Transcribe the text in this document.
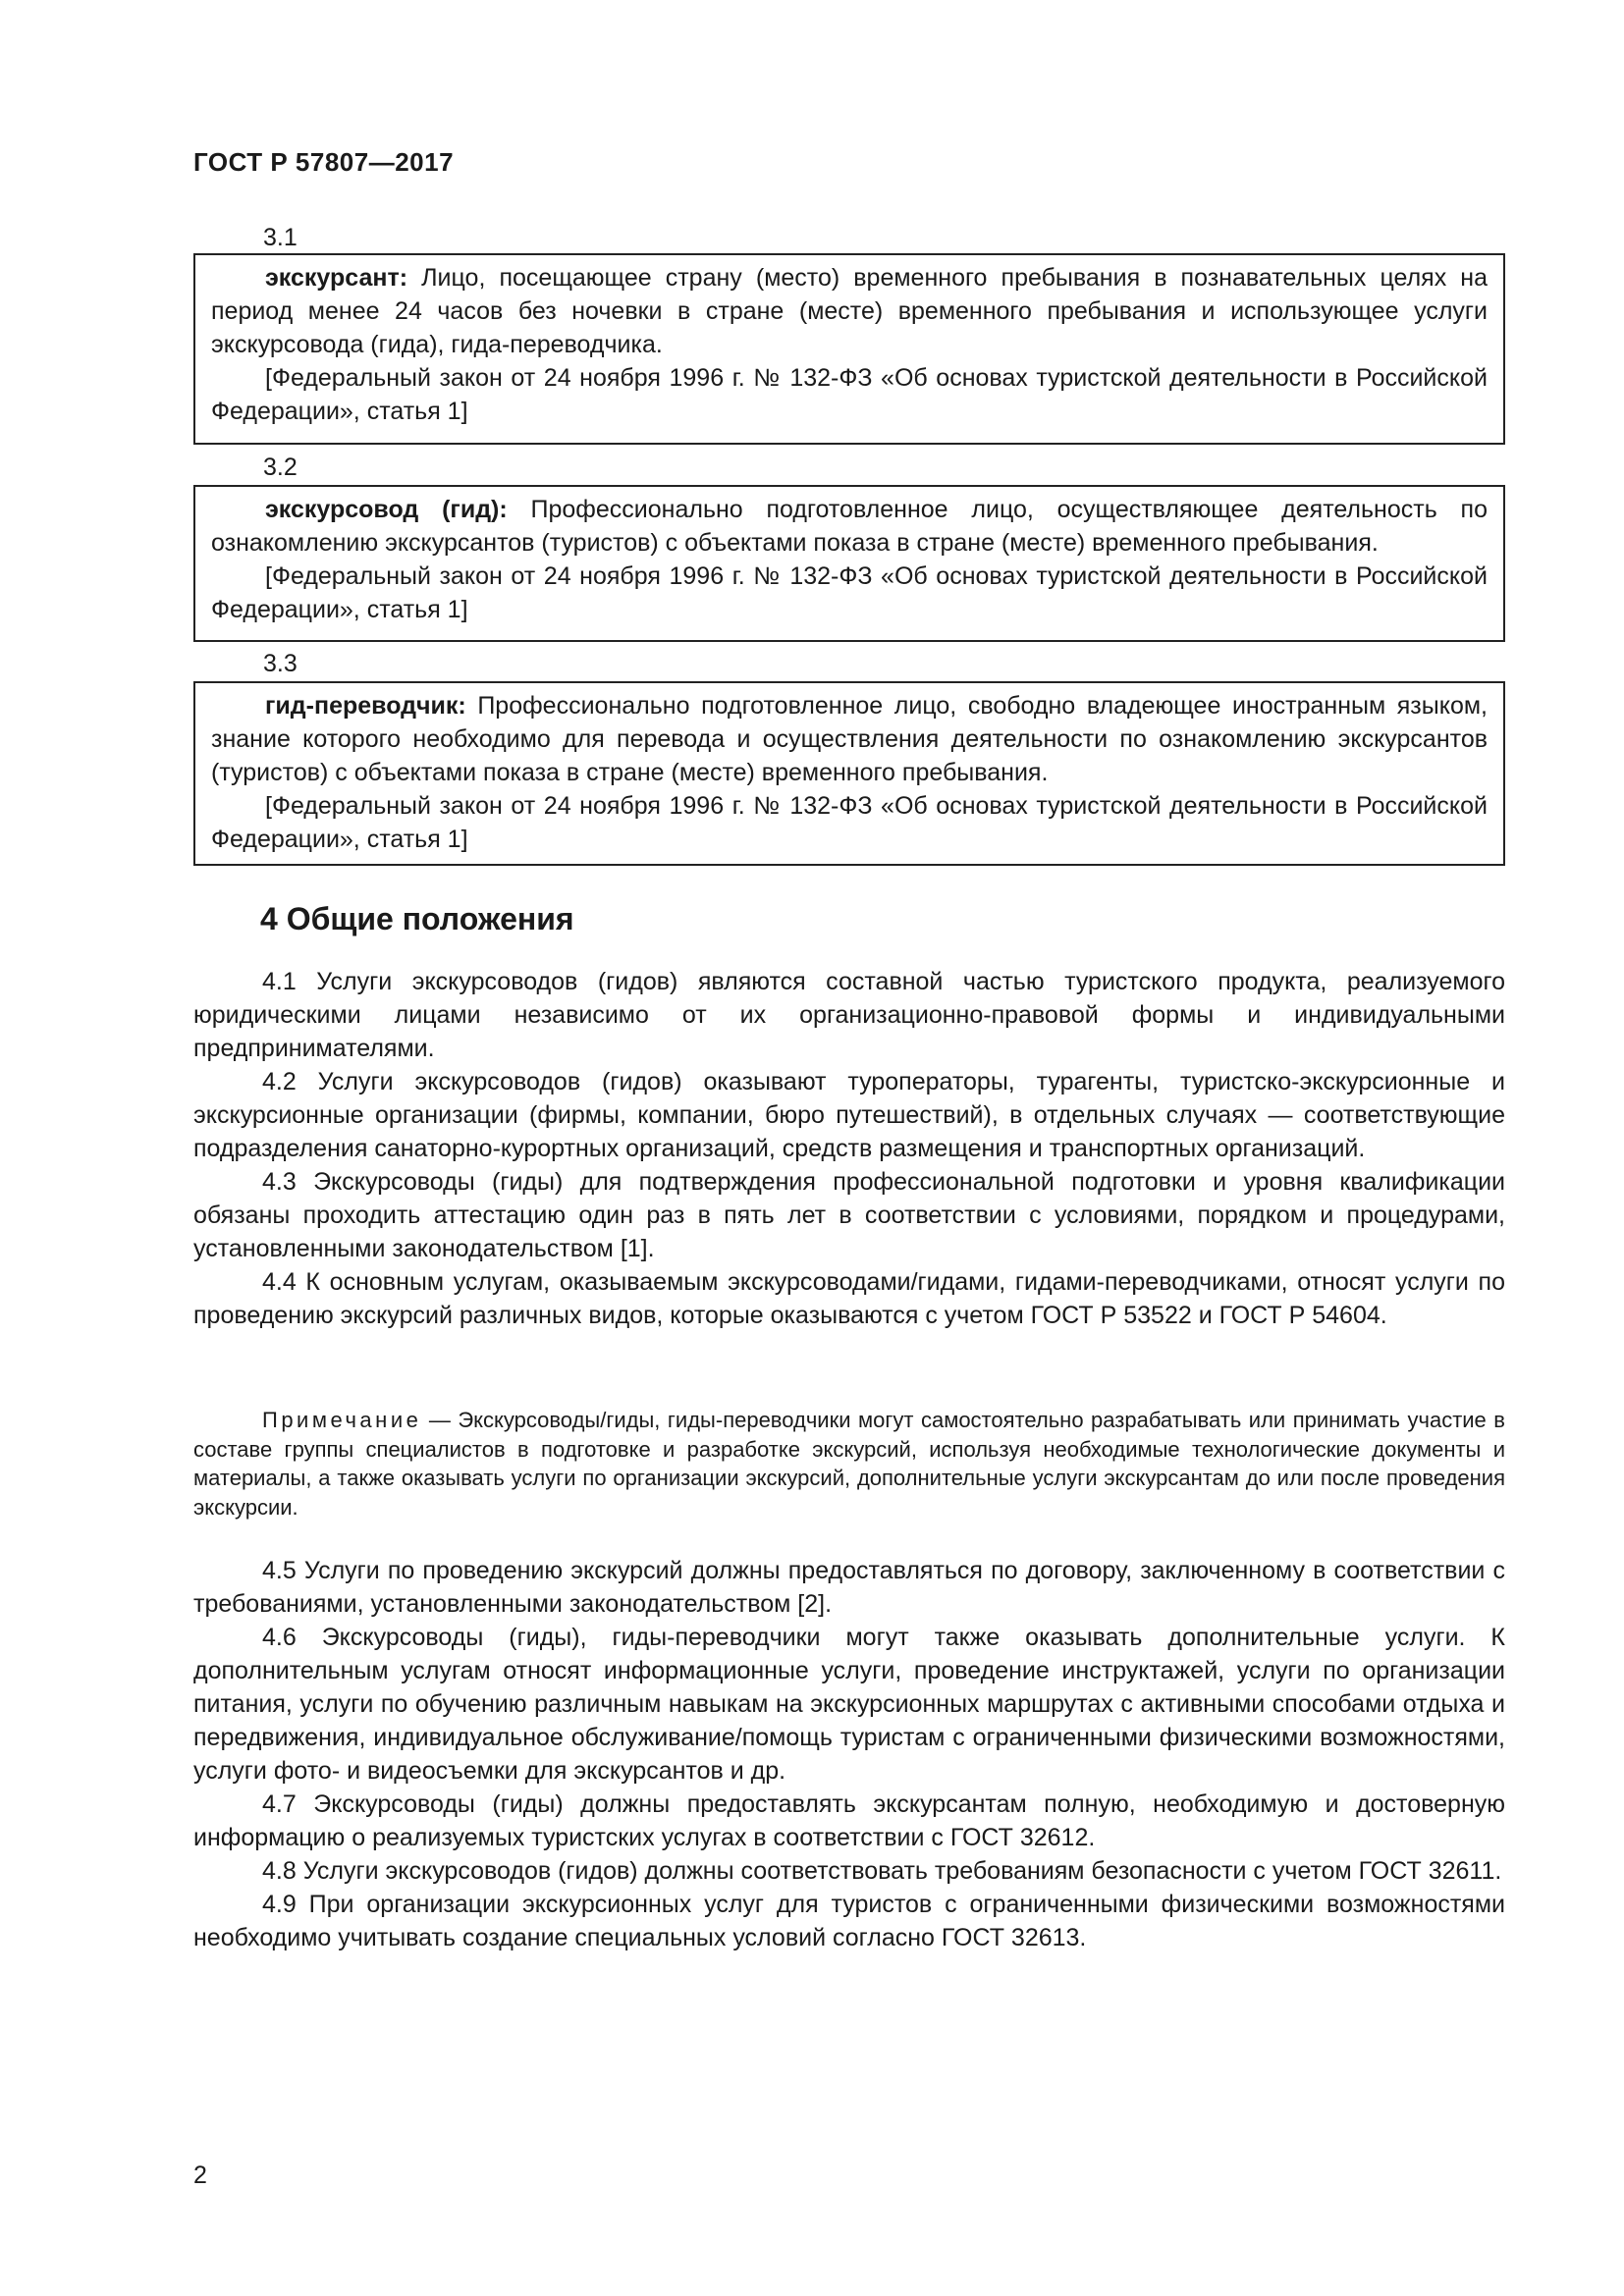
ГОСТ Р 57807—2017
3.1

экскурсант: Лицо, посещающее страну (место) временного пребывания в познавательных целях на период менее 24 часов без ночевки в стране (месте) временного пребывания и использующее услуги экскурсовода (гида), гида-переводчика.

[Федеральный закон от 24 ноября 1996 г. № 132-ФЗ «Об основах туристской деятельности в Российской Федерации», статья 1]

3.2

экскурсовод (гид): Профессионально подготовленное лицо, осуществляющее деятельность по ознакомлению экскурсантов (туристов) с объектами показа в стране (месте) временного пребывания.

[Федеральный закон от 24 ноября 1996 г. № 132-ФЗ «Об основах туристской деятельности в Российской Федерации», статья 1]

3.3

гид-переводчик: Профессионально подготовленное лицо, свободно владеющее иностранным языком, знание которого необходимо для перевода и осуществления деятельности по ознакомлению экскурсантов (туристов) с объектами показа в стране (месте) временного пребывания.

[Федеральный закон от 24 ноября 1996 г. № 132-ФЗ «Об основах туристской деятельности в Российской Федерации», статья 1]

4 Общие положения

4.1 Услуги экскурсоводов (гидов) являются составной частью туристского продукта, реализуемого юридическими лицами независимо от их организационно-правовой формы и индивидуальными предпринимателями.

4.2 Услуги экскурсоводов (гидов) оказывают туроператоры, турагенты, туристско-экскурсионные и экскурсионные организации (фирмы, компании, бюро путешествий), в отдельных случаях — соответствующие подразделения санаторно-курортных организаций, средств размещения и транспортных организаций.

4.3 Экскурсоводы (гиды) для подтверждения профессиональной подготовки и уровня квалификации обязаны проходить аттестацию один раз в пять лет в соответствии с условиями, порядком и процедурами, установленными законодательством [1].

4.4 К основным услугам, оказываемым экскурсоводами/гидами, гидами-переводчиками, относят услуги по проведению экскурсий различных видов, которые оказываются с учетом ГОСТ Р 53522 и ГОСТ Р 54604.

Примечание — Экскурсоводы/гиды, гиды-переводчики могут самостоятельно разрабатывать или принимать участие в составе группы специалистов в подготовке и разработке экскурсий, используя необходимые технологические документы и материалы, а также оказывать услуги по организации экскурсий, дополнительные услуги экскурсантам до или после проведения экскурсии.

4.5 Услуги по проведению экскурсий должны предоставляться по договору, заключенному в соответствии с требованиями, установленными законодательством [2].

4.6 Экскурсоводы (гиды), гиды-переводчики могут также оказывать дополнительные услуги. К дополнительным услугам относят информационные услуги, проведение инструктажей, услуги по организации питания, услуги по обучению различным навыкам на экскурсионных маршрутах с активными способами отдыха и передвижения, индивидуальное обслуживание/помощь туристам с ограниченными физическими возможностями, услуги фото- и видеосъемки для экскурсантов и др.

4.7 Экскурсоводы (гиды) должны предоставлять экскурсантам полную, необходимую и достоверную информацию о реализуемых туристских услугах в соответствии с ГОСТ 32612.

4.8 Услуги экскурсоводов (гидов) должны соответствовать требованиям безопасности с учетом ГОСТ 32611.

4.9 При организации экскурсионных услуг для туристов с ограниченными физическими возможностями необходимо учитывать создание специальных условий согласно ГОСТ 32613.

2
